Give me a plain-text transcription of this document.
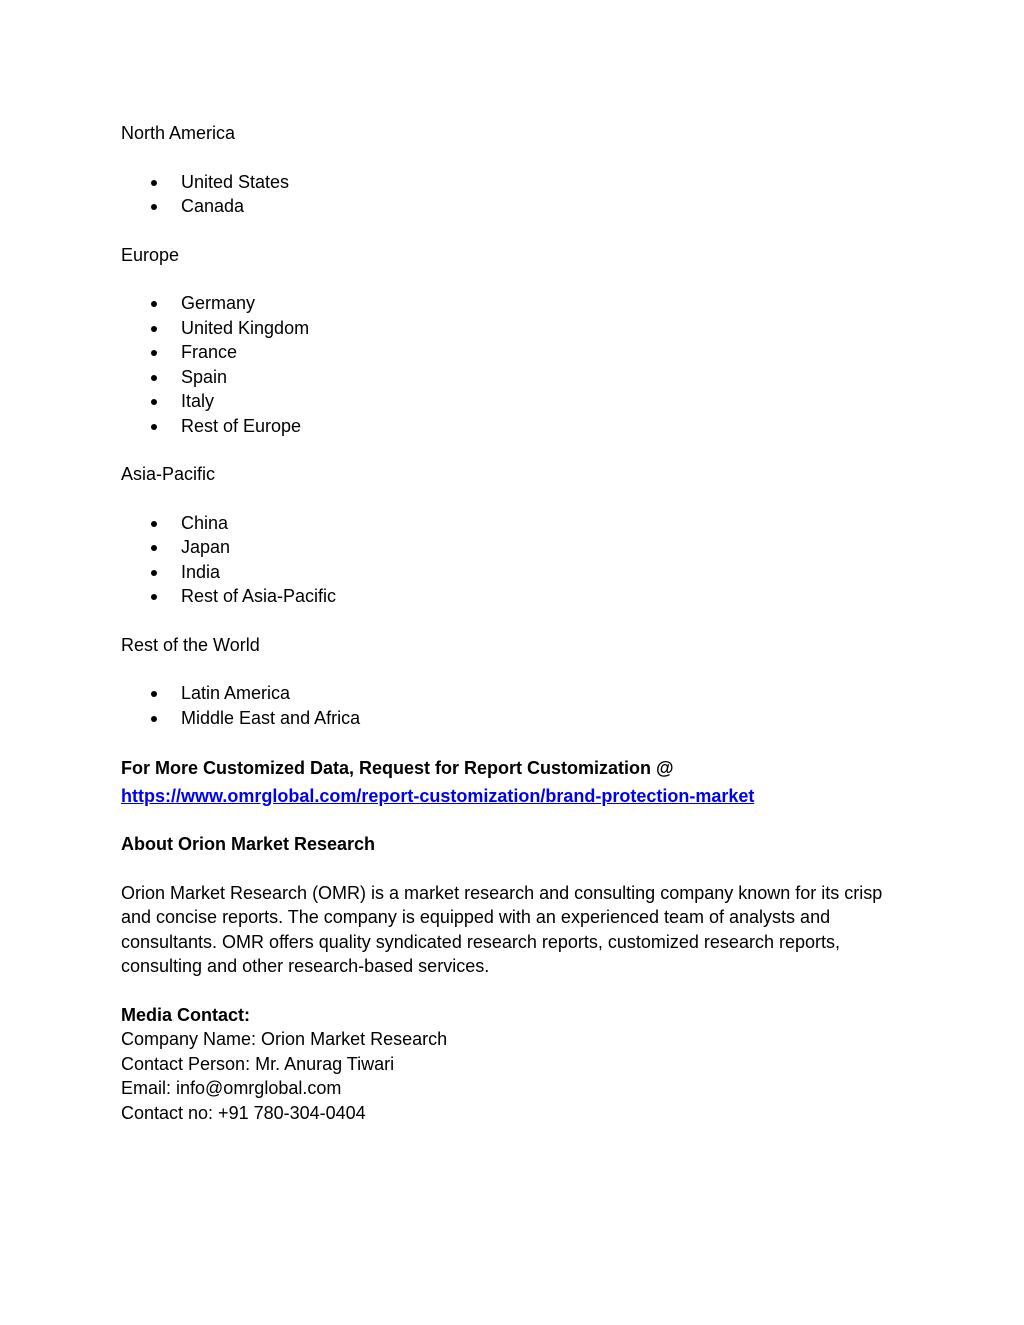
North America

United States
Canada

Europe

Germany
United Kingdom
France
Spain
Italy
Rest of Europe

Asia-Pacific

China
Japan
India
Rest of Asia-Pacific

Rest of the World

Latin America
Middle East and Africa

For More Customized Data, Request for Report Customization @

https://www.omrglobal.com/report-customization/brand-protection-market

About Orion Market Research

Orion Market Research (OMR) is a market research and consulting company known for its crisp and concise reports. The company is equipped with an experienced team of analysts and consultants. OMR offers quality syndicated research reports, customized research reports, consulting and other research-based services.

Media Contact:
Company Name: Orion Market Research
Contact Person: Mr. Anurag Tiwari
Email: info@omrglobal.com
Contact no: +91 780-304-0404
